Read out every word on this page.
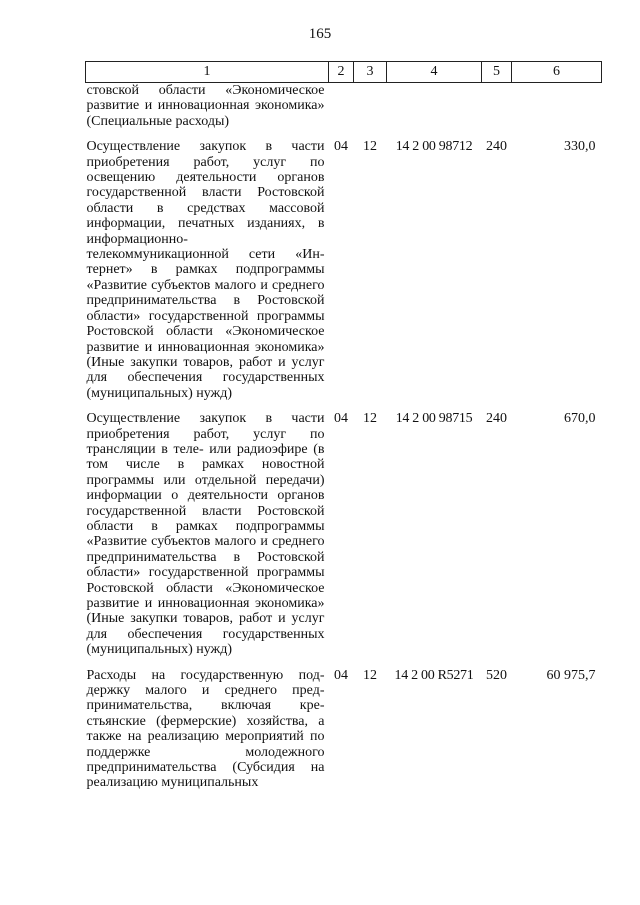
165
1	2	3	4	5	6
стовской области «Экономическое развитие и инновационная экономика» (Специальные расходы)					
Осуществление закупок в части приобретения работ, услуг по освещению деятельности органов государственной власти Ростовской области в средствах массовой информации, печатных изданиях, в информационно-телекоммуникационной сети «Интернет» в рамках подпрограммы «Развитие субъектов малого и среднего предпринимательства в Ростовской области» государственной программы Ростовской области «Экономическое развитие и инновационная экономика» (Иные закупки товаров, работ и услуг для обеспечения государственных (муниципальных) нужд)	04	12	14 2 00 98712	240	330,0
Осуществление закупок в части приобретения работ, услуг по трансляции в теле- или радиоэфире (в том числе в рамках новостной программы или отдельной передачи) информации о деятельности органов государственной власти Ростовской области в рамках подпрограммы «Развитие субъектов малого и среднего предпринимательства в Ростовской области» государственной программы Ростовской области «Экономическое развитие и инновационная экономика» (Иные закупки товаров, работ и услуг для обеспечения государственных (муниципальных) нужд)	04	12	14 2 00 98715	240	670,0
Расходы на государственную поддержку малого и среднего предпринимательства, включая крестьянские (фермерские) хозяйства, а также на реализацию мероприятий по поддержке молодежного предпринимательства (Субсидия на реализацию муниципальных	04	12	14 2 00 R5271	520	60 975,7
